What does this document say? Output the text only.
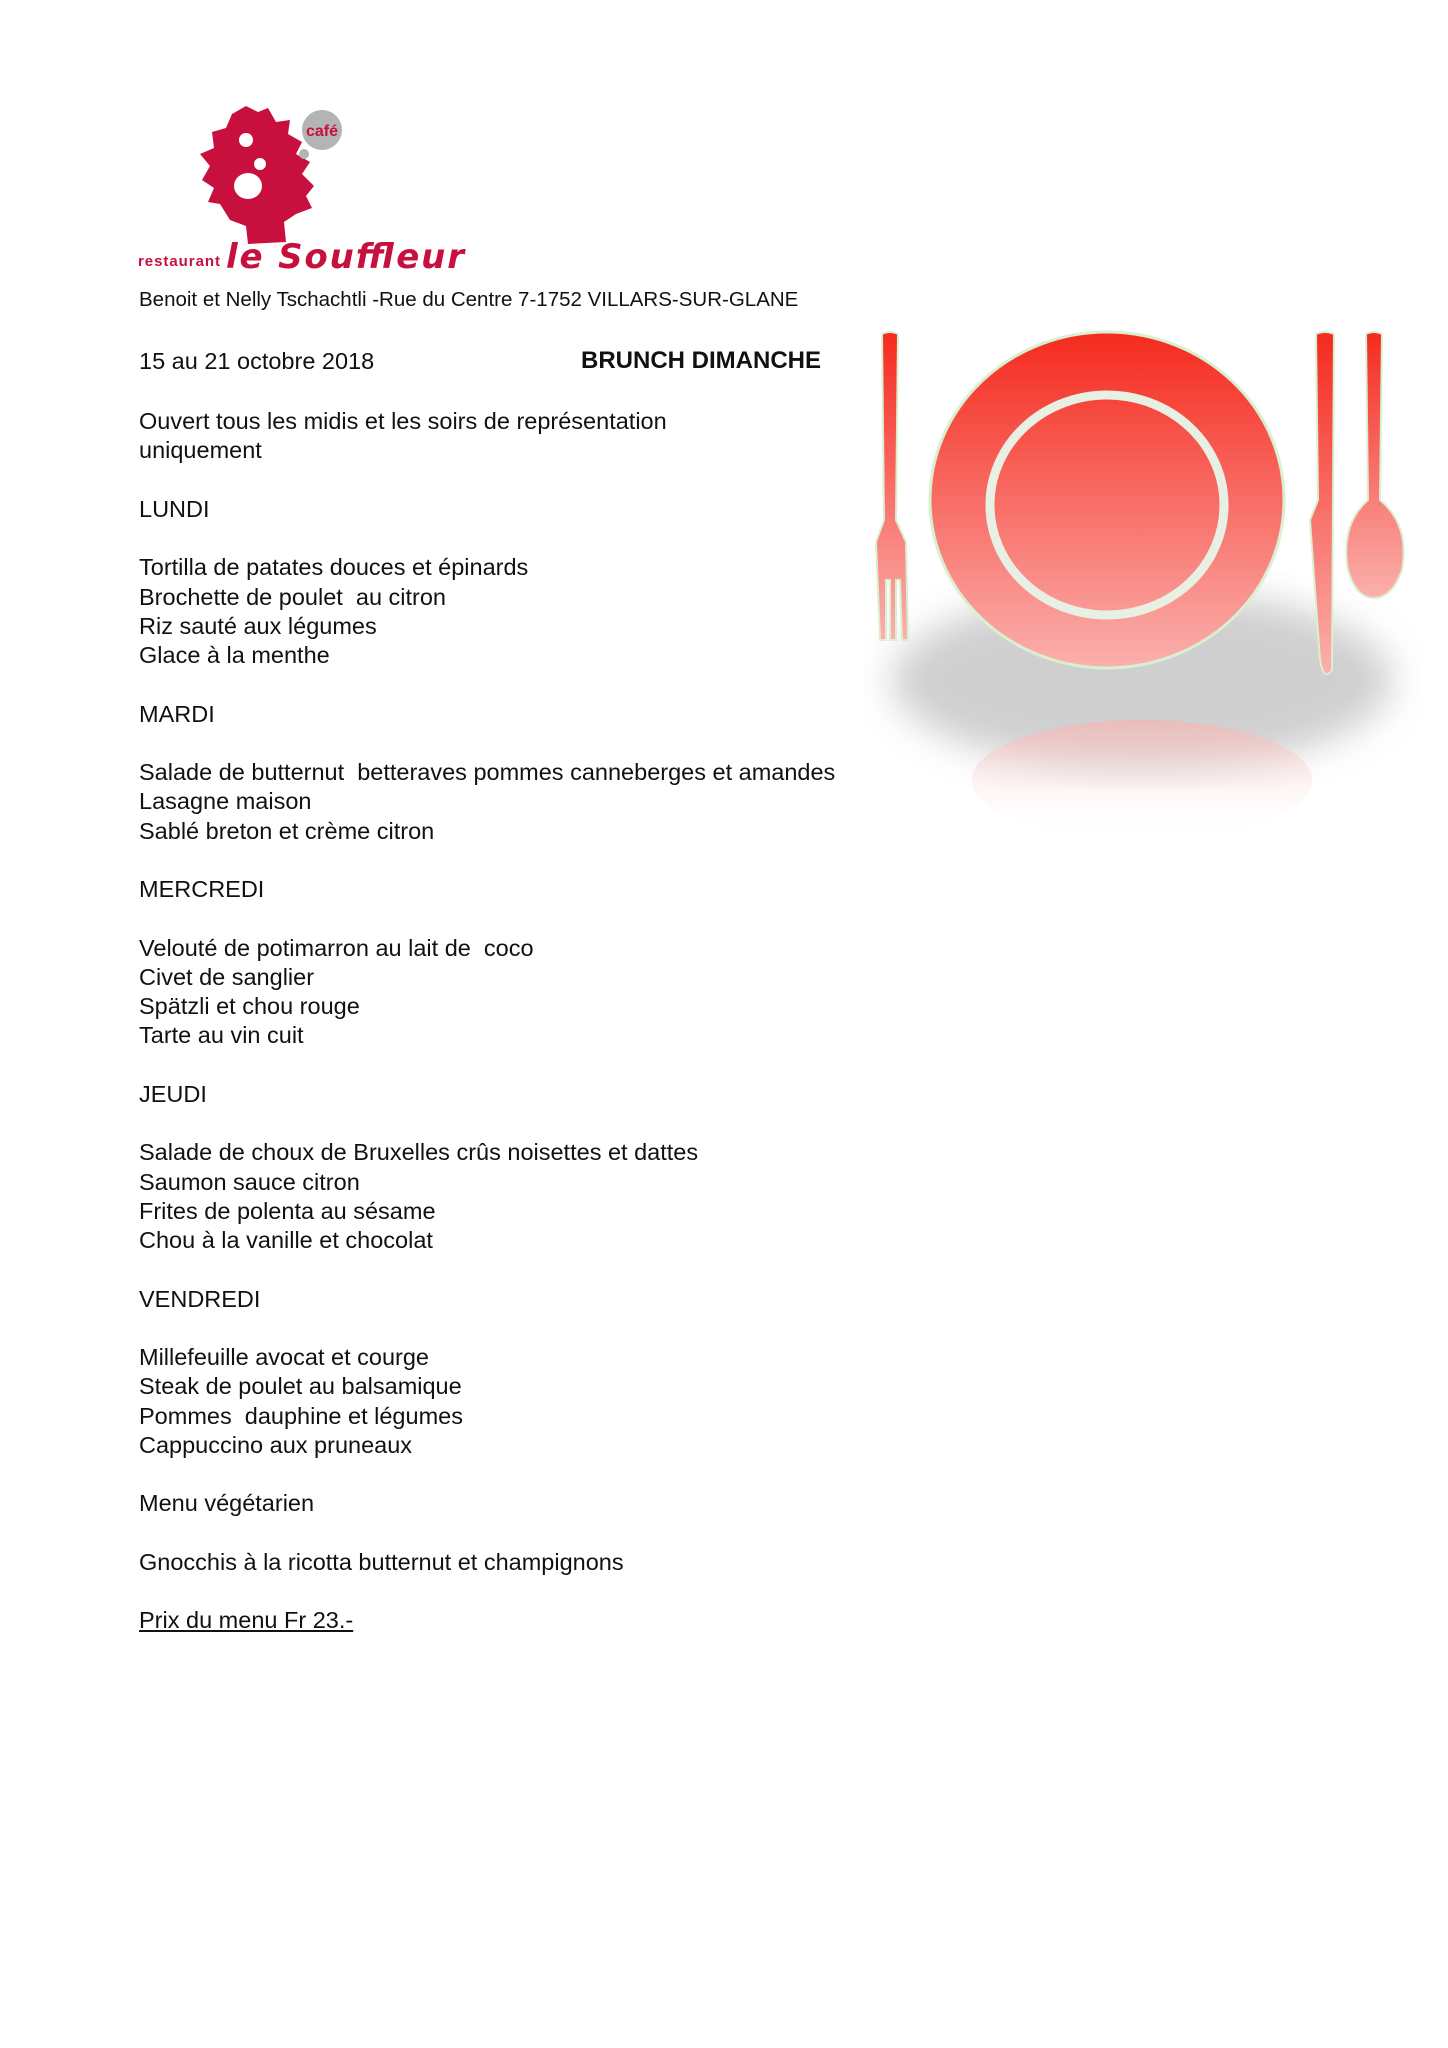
café
restaurant le Souffleur
Benoit et Nelly Tschachtli -Rue du Centre 7-1752 VILLARS-SUR-GLANE
15 au 21 octobre 2018	BRUNCH DIMANCHE
Ouvert tous les midis et les soirs de représentation
uniquement
LUNDI
Tortilla de patates douces et épinards
Brochette de poulet  au citron
Riz sauté aux légumes
Glace à la menthe
MARDI
Salade de butternut  betteraves pommes canneberges et amandes
Lasagne maison
Sablé breton et crème citron
MERCREDI
Velouté de potimarron au lait de  coco
Civet de sanglier
Spätzli et chou rouge
Tarte au vin cuit
JEUDI
Salade de choux de Bruxelles crûs noisettes et dattes
Saumon sauce citron
Frites de polenta au sésame
Chou à la vanille et chocolat
VENDREDI
Millefeuille avocat et courge
Steak de poulet au balsamique
Pommes  dauphine et légumes
Cappuccino aux pruneaux
Menu végétarien
Gnocchis à la ricotta butternut et champignons
Prix du menu Fr 23.-
